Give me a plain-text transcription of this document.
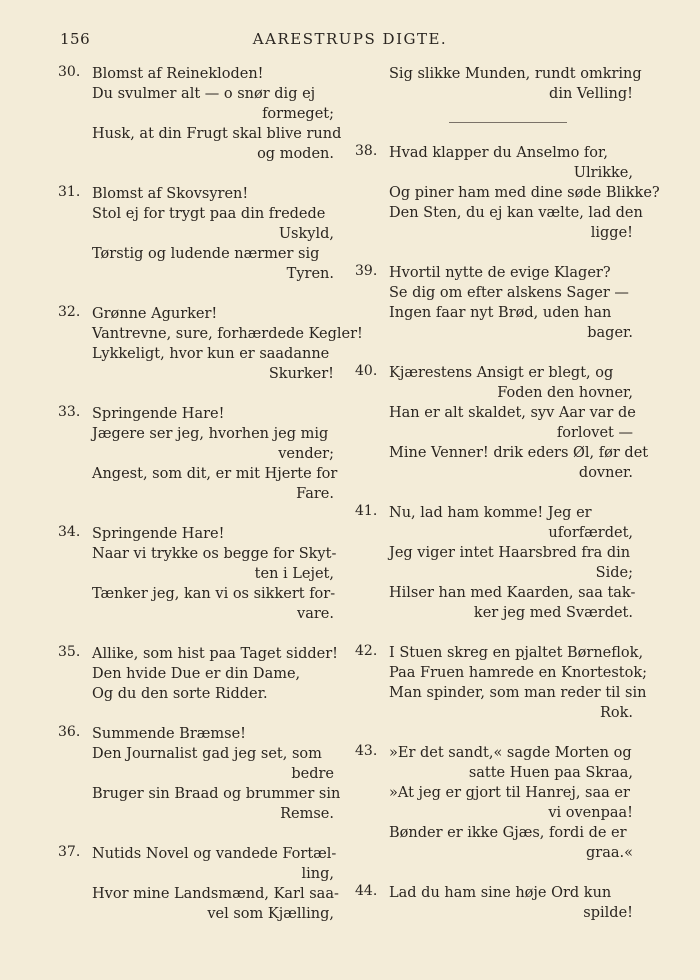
156	AARESTRUPS DIGTE.
30. Blomst af Reinekloden!
Du svulmer alt — o snør dig ej
formeget;
Husk, at din Frugt skal blive rund
og moden.
31. Blomst af Skovsyren!
Stol ej for trygt paa din fredede
Uskyld,
Tørstig og ludende nærmer sig
Tyren.
32. Grønne Agurker!
Vantrevne, sure, forhærdede Kegler!
Lykkeligt, hvor kun er saadanne
Skurker!
33. Springende Hare!
Jægere ser jeg, hvorhen jeg mig
vender;
Angest, som dit, er mit Hjerte for
Fare.
34. Springende Hare!
Naar vi trykke os begge for Skyt-
ten i Lejet,
Tænker jeg, kan vi os sikkert for-
vare.
35. Allike, som hist paa Taget sidder!
Den hvide Due er din Dame,
Og du den sorte Ridder.
36. Summende Bræmse!
Den Journalist gad jeg set, som
bedre
Bruger sin Braad og brummer sin
Remse.
37. Nutids Novel og vandede Fortæl-
ling,
Hvor mine Landsmænd, Karl saa-
vel som Kjælling,
Sig slikke Munden, rundt omkring
din Velling!
38. Hvad klapper du Anselmo for,
Ulrikke,
Og piner ham med dine søde Blikke?
Den Sten, du ej kan vælte, lad den
ligge!
39. Hvortil nytte de evige Klager?
Se dig om efter alskens Sager —
Ingen faar nyt Brød, uden han
bager.
40. Kjærestens Ansigt er blegt, og
Foden den hovner,
Han er alt skaldet, syv Aar var de
forlovet —
Mine Venner! drik eders Øl, før det
dovner.
41. Nu, lad ham komme! Jeg er
uforfærdet,
Jeg viger intet Haarsbred fra din
Side;
Hilser han med Kaarden, saa tak-
ker jeg med Sværdet.
42. I Stuen skreg en pjaltet Børneflok,
Paa Fruen hamrede en Knortestok;
Man spinder, som man reder til sin
Rok.
43. »Er det sandt,« sagde Morten og
satte Huen paa Skraa,
»At jeg er gjort til Hanrej, saa er
vi ovenpaa!
Bønder er ikke Gjæs, fordi de er
graa.«
44. Lad du ham sine høje Ord kun
spilde!
